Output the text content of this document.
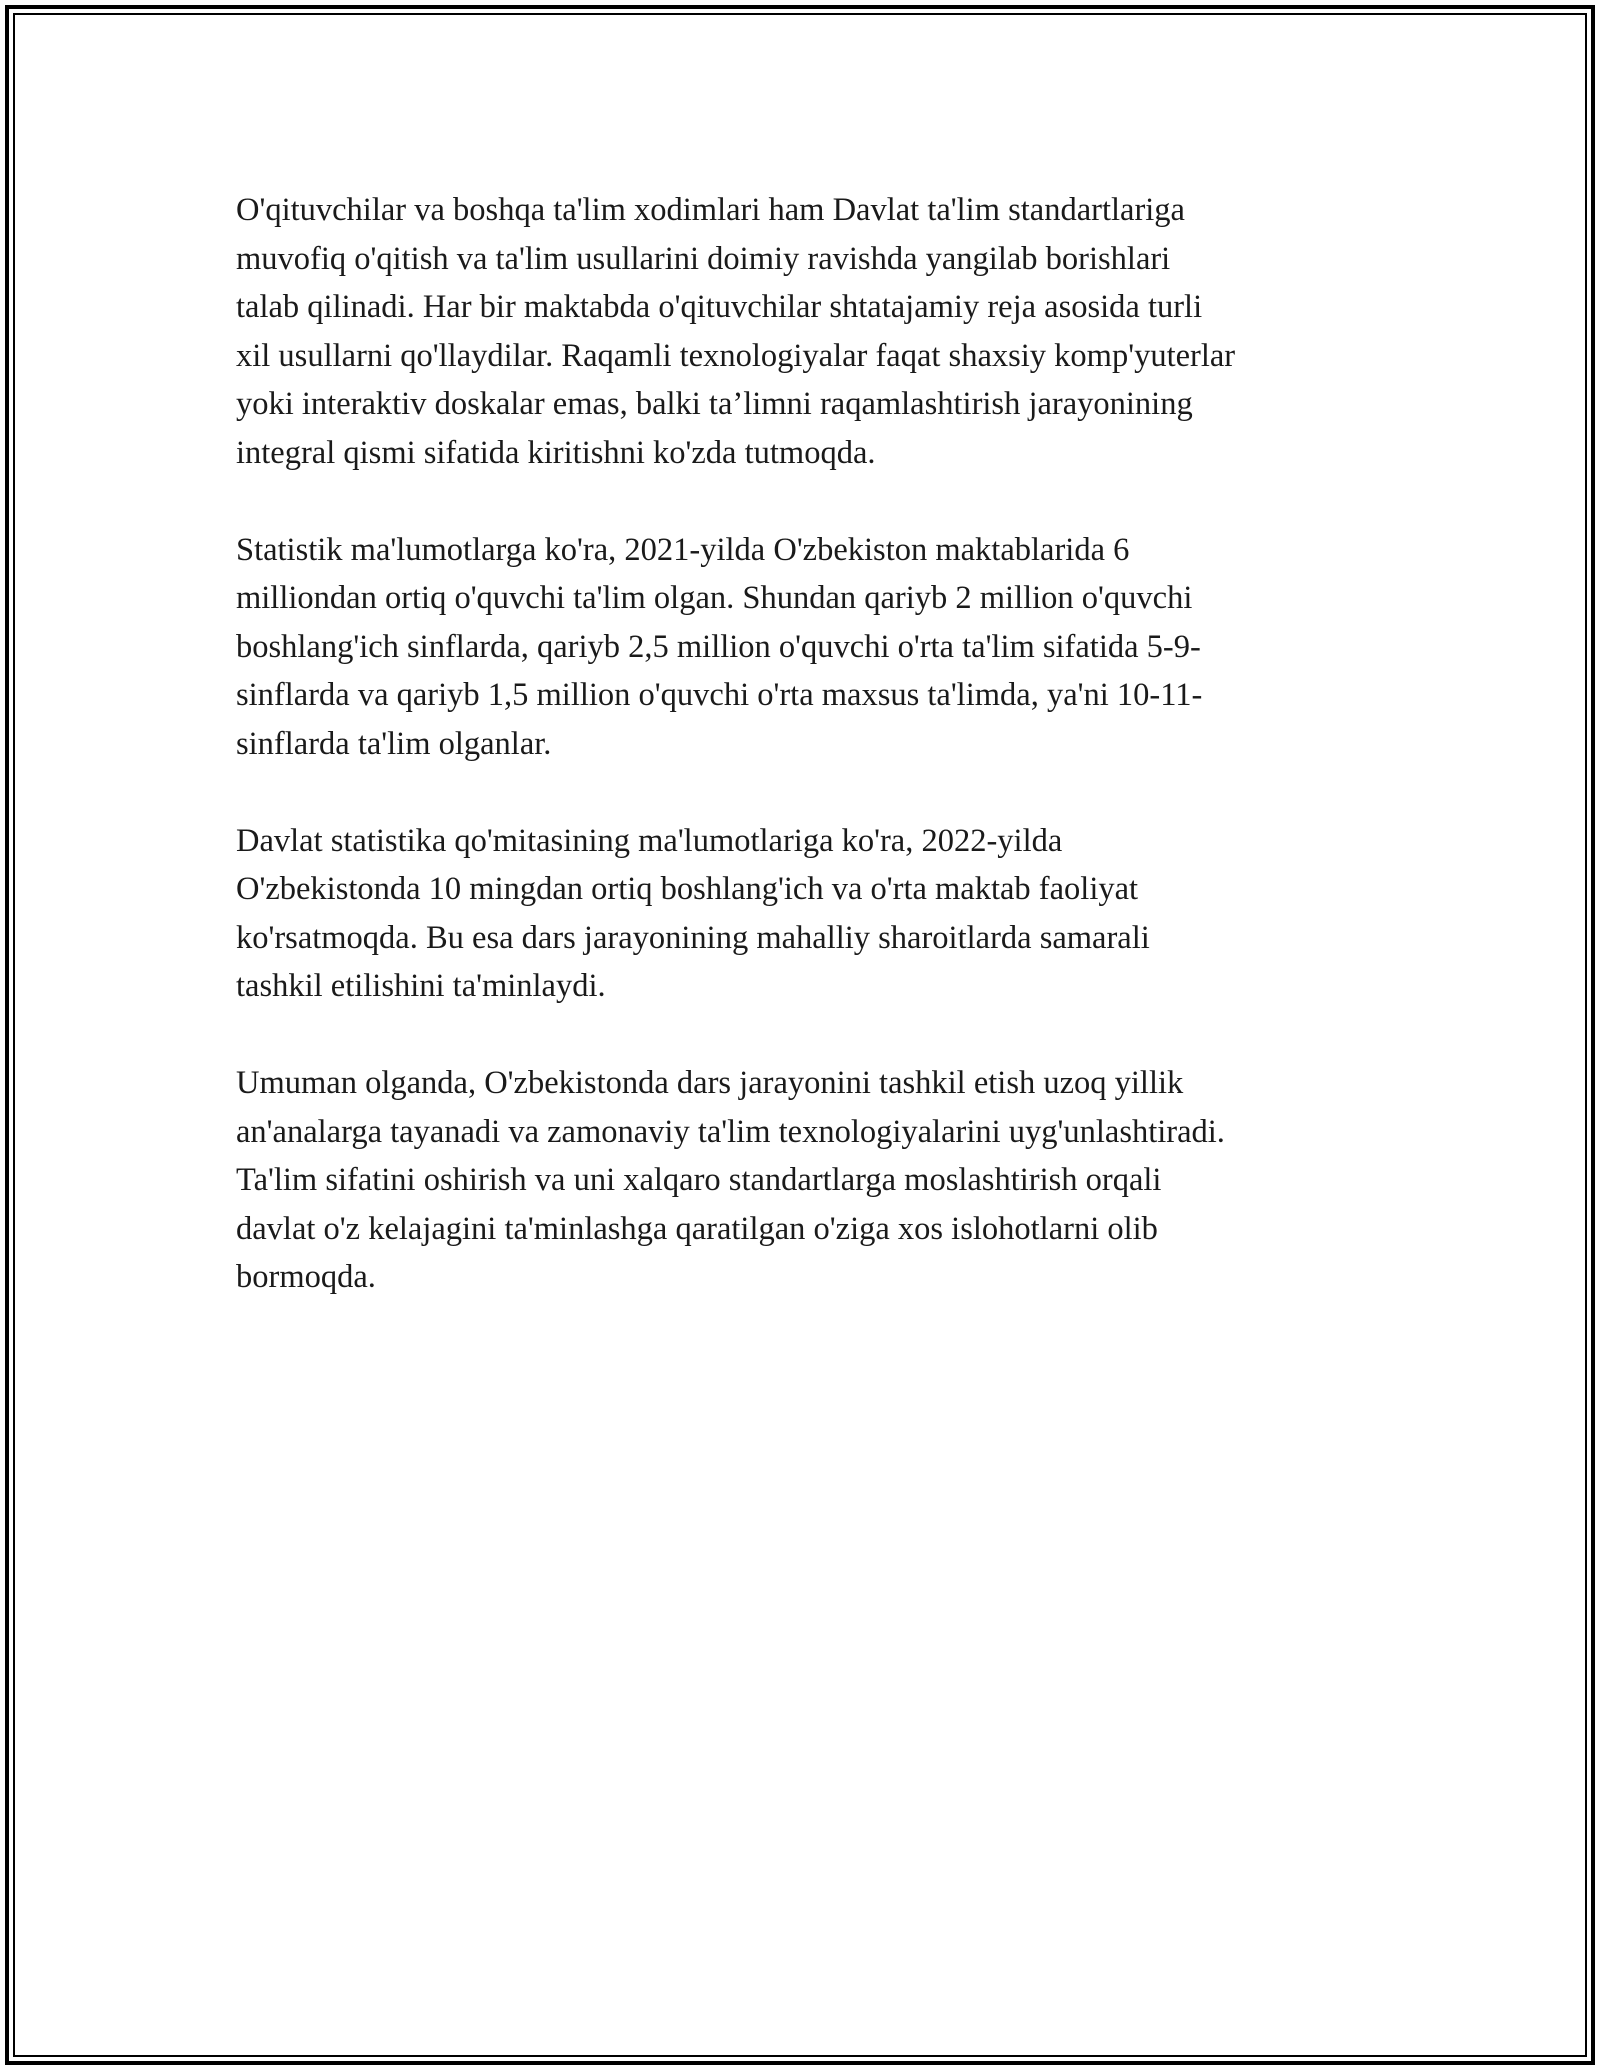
O'qituvchilar va boshqa ta'lim xodimlari ham Davlat ta'lim standartlariga
muvofiq o'qitish va ta'lim usullarini doimiy ravishda yangilab borishlari
talab qilinadi. Har bir maktabda o'qituvchilar shtatajamiy reja asosida turli
xil usullarni qo'llaydilar. Raqamli texnologiyalar faqat shaxsiy komp'yuterlar
yoki interaktiv doskalar emas, balki ta’limni raqamlashtirish jarayonining
integral qismi sifatida kiritishni ko'zda tutmoqda.

Statistik ma'lumotlarga ko'ra, 2021-yilda O'zbekiston maktablarida 6
milliondan ortiq o'quvchi ta'lim olgan. Shundan qariyb 2 million o'quvchi
boshlang'ich sinflarda, qariyb 2,5 million o'quvchi o'rta ta'lim sifatida 5-9-
sinflarda va qariyb 1,5 million o'quvchi o'rta maxsus ta'limda, ya'ni 10-11-
sinflarda ta'lim olganlar.

Davlat statistika qo'mitasining ma'lumotlariga ko'ra, 2022-yilda
O'zbekistonda 10 mingdan ortiq boshlang'ich va o'rta maktab faoliyat
ko'rsatmoqda. Bu esa dars jarayonining mahalliy sharoitlarda samarali
tashkil etilishini ta'minlaydi.

Umuman olganda, O'zbekistonda dars jarayonini tashkil etish uzoq yillik
an'analarga tayanadi va zamonaviy ta'lim texnologiyalarini uyg'unlashtiradi.
Ta'lim sifatini oshirish va uni xalqaro standartlarga moslashtirish orqali
davlat o'z kelajagini ta'minlashga qaratilgan o'ziga xos islohotlarni olib
bormoqda.
